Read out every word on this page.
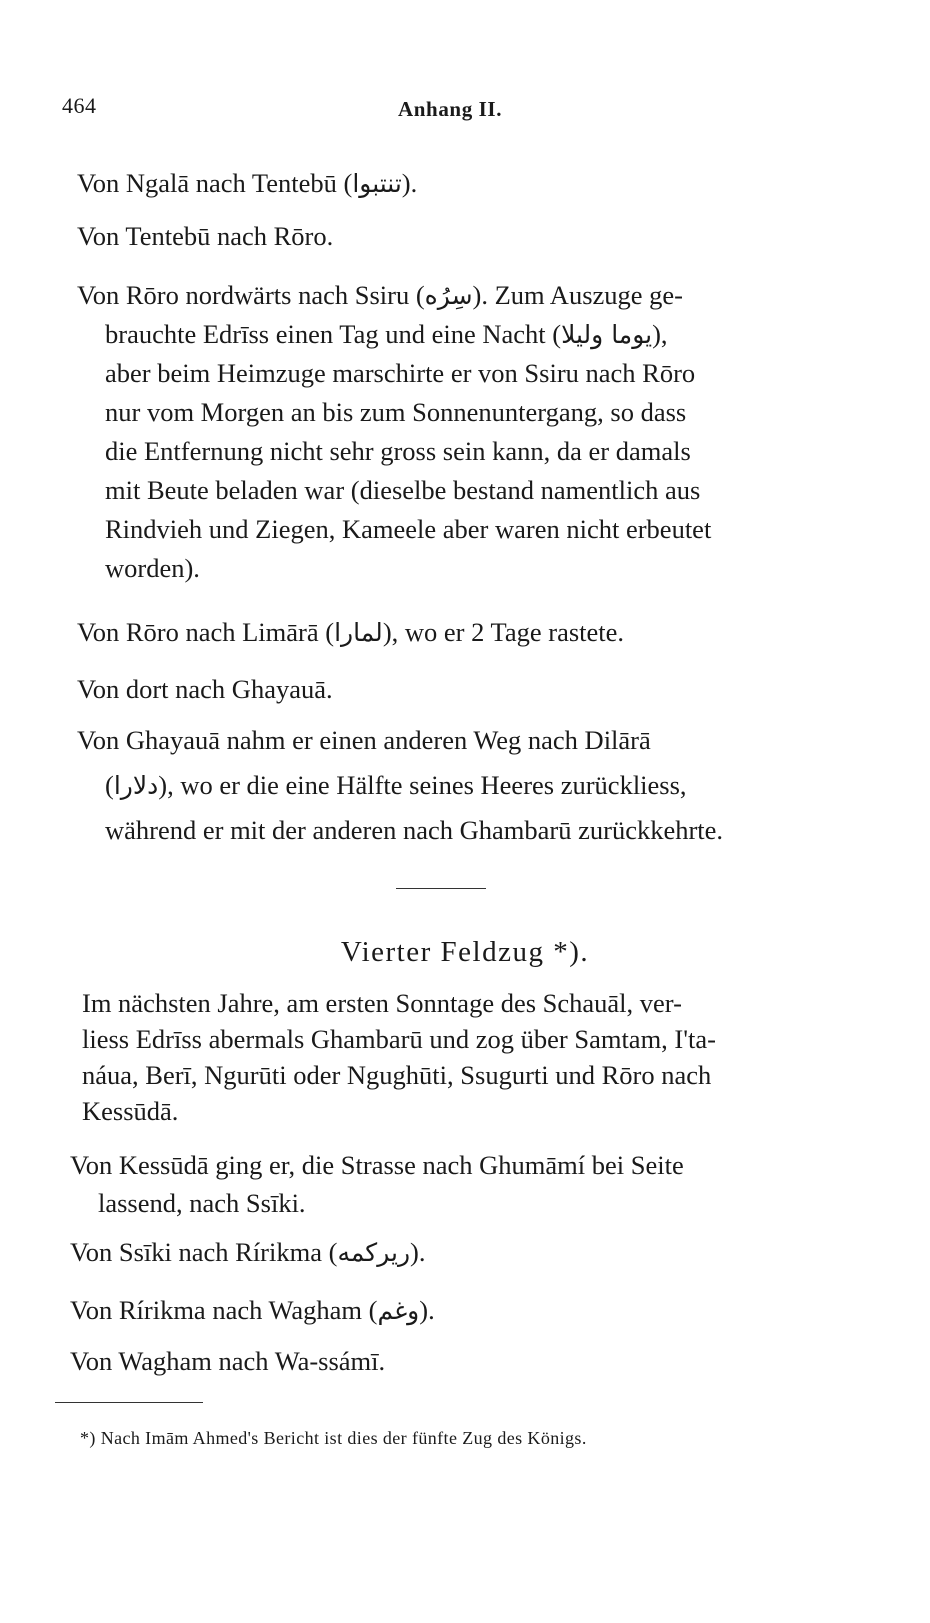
464	Anhang II.
Von Ngalā nach Tentebū (تنتبوا).
Von Tentebū nach Rōro.
Von Rōro nordwärts nach Ssiru (سِرُه). Zum Auszuge ge-
brauchte Edrīss einen Tag und eine Nacht (يوما وليلا),
aber beim Heimzuge marschirte er von Ssiru nach Rōro
nur vom Morgen an bis zum Sonnenuntergang, so dass
die Entfernung nicht sehr gross sein kann, da er damals
mit Beute beladen war (dieselbe bestand namentlich aus
Rindvieh und Ziegen, Kameele aber waren nicht erbeutet
worden).
Von Rōro nach Limārā (لمارا), wo er 2 Tage rastete.
Von dort nach Ghayauā.
Von Ghayauā nahm er einen anderen Weg nach Dilārā
(دلارا), wo er die eine Hälfte seines Heeres zurückliess,
während er mit der anderen nach Ghambarū zurückkehrte.
Vierter Feldzug *).
Im nächsten Jahre, am ersten Sonntage des Schauāl, ver-
liess Edrīss abermals Ghambarū und zog über Samtam, I'ta-
náua, Berī, Ngurūti oder Ngughūti, Ssugurti und Rōro nach
Kessūdā.
Von Kessūdā ging er, die Strasse nach Ghumāmí bei Seite
lassend, nach Ssīki.
Von Ssīki nach Rírikma (ريركمه).
Von Rírikma nach Wagham (وغم).
Von Wagham nach Wa-ssámī.
*) Nach Imām Ahmed's Bericht ist dies der fünfte Zug des Königs.
